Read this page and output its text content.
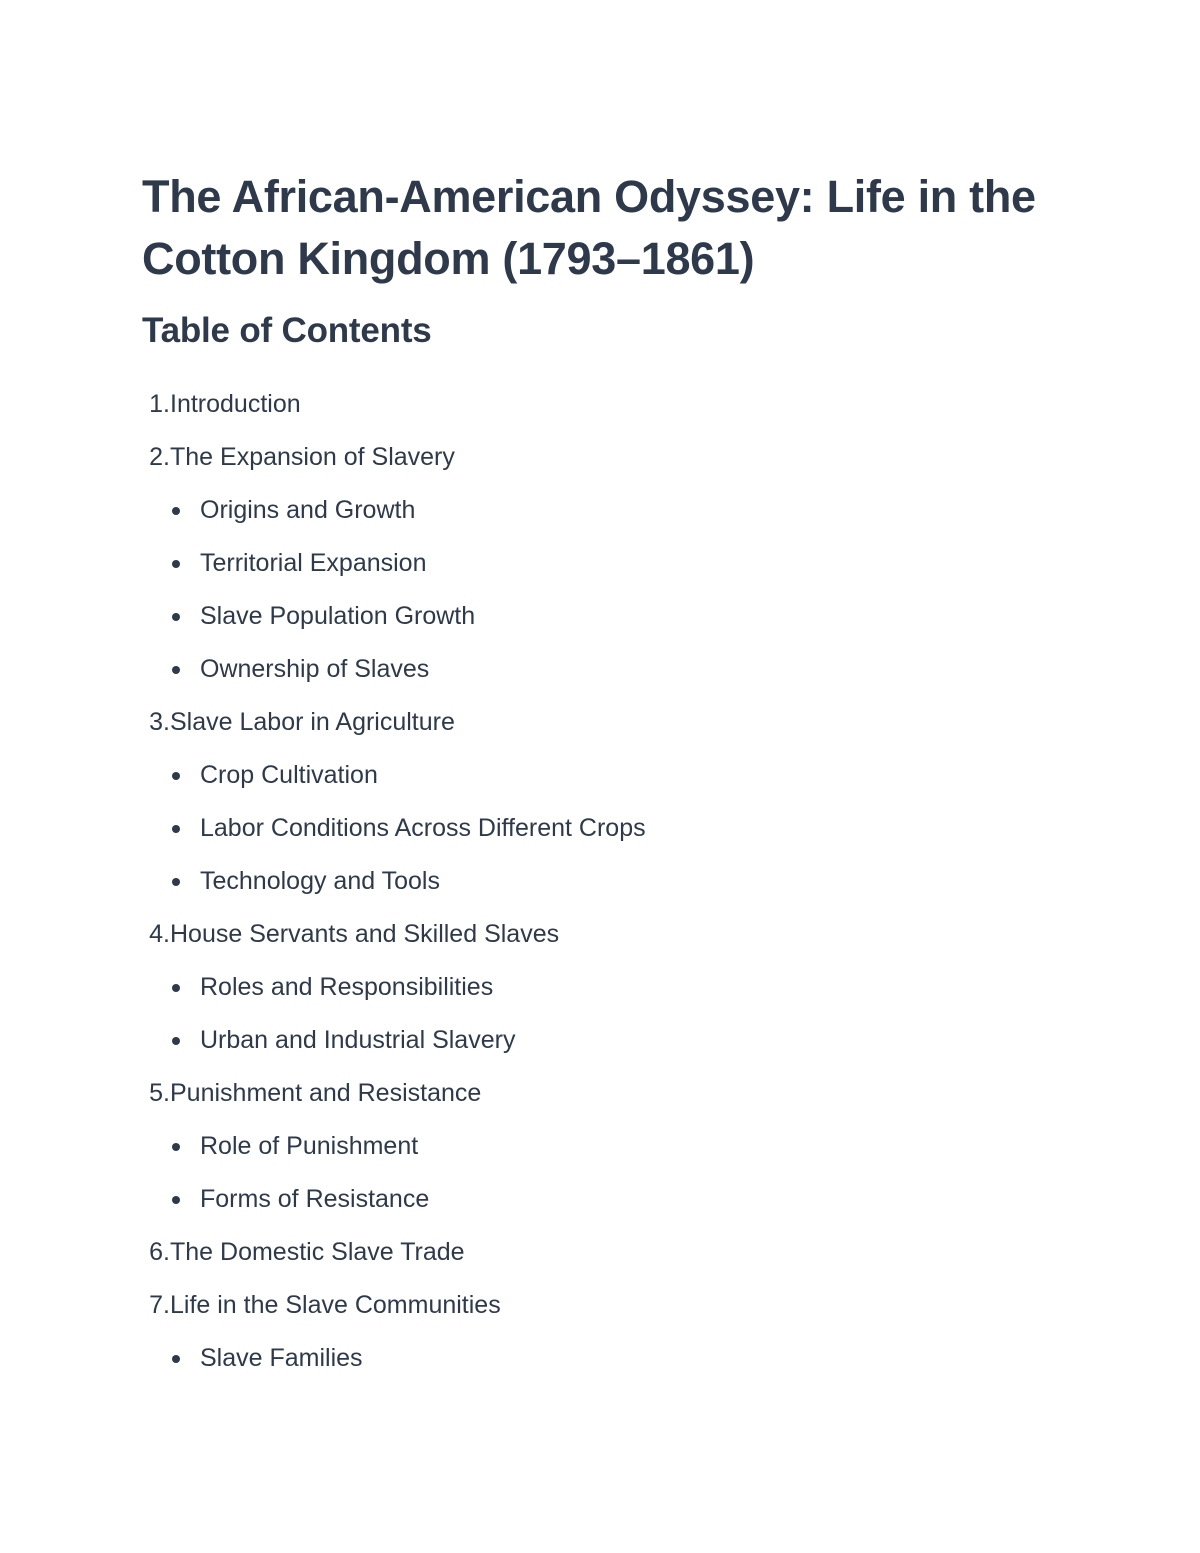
The African-American Odyssey: Life in the Cotton Kingdom (1793–1861)
Table of Contents
1. Introduction
2. The Expansion of Slavery
Origins and Growth
Territorial Expansion
Slave Population Growth
Ownership of Slaves
3. Slave Labor in Agriculture
Crop Cultivation
Labor Conditions Across Different Crops
Technology and Tools
4. House Servants and Skilled Slaves
Roles and Responsibilities
Urban and Industrial Slavery
5. Punishment and Resistance
Role of Punishment
Forms of Resistance
6. The Domestic Slave Trade
7. Life in the Slave Communities
Slave Families
